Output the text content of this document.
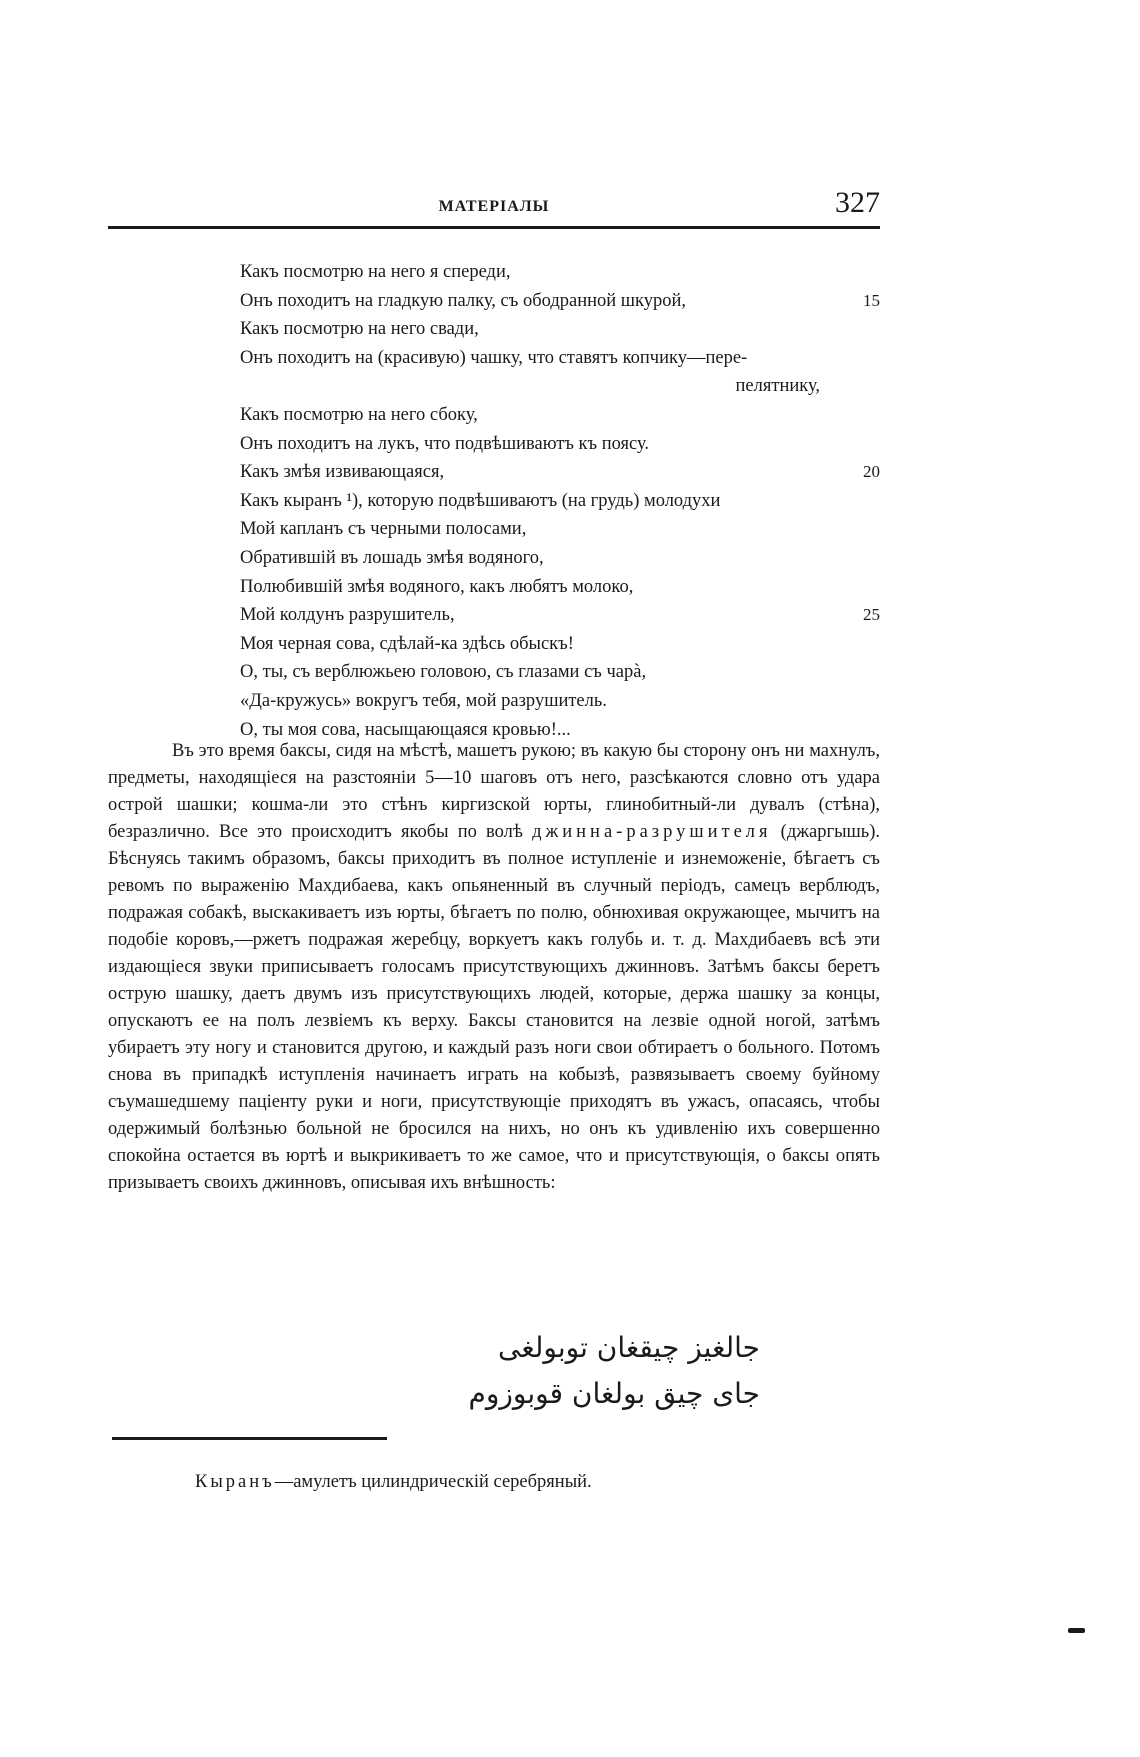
МАТЕРІАЛЫ	327
Какъ посмотрю на него я спереди,
Онъ походитъ на гладкую палку, съ ободранной шкурой,	15
Какъ посмотрю на него свади,
Онъ походитъ на (красивую) чашку, что ставятъ копчику—пере-
пелятнику,
Какъ посмотрю на него сбоку,
Онъ походитъ на лукъ, что подвѣшиваютъ къ поясу.
Какъ змѣя извивающаяся,	20
Какъ кыранъ ¹), которую подвѣшиваютъ (на грудь) молодухи
Мой капланъ съ черными полосами,
Обратившій въ лошадь змѣя водяного,
Полюбившій змѣя водяного, какъ любятъ молоко,
Мой колдунъ разрушитель,	25
Моя черная сова, сдѣлай-ка здѣсь обыскъ!
О, ты, съ верблюжьею головою, съ глазами съ чарà,
«Да-кружусь» вокругъ тебя, мой разрушитель.
О, ты моя сова, насыщающаяся кровью!...

Въ это время баксы, сидя на мѣстѣ, машетъ рукою; въ какую бы сторону онъ ни махнулъ, предметы, находящіеся на разстояніи 5—10 шаговъ отъ него, разсѣкаются словно отъ удара острой шашки; кошма-ли это стѣнъ киргизской юрты, глинобитный-ли дувалъ (стѣна), безразлично. Все это происходитъ якобы по волѣ джинна-разрушителя (джаргышь). Бѣснуясь такимъ образомъ, баксы приходитъ въ полное иступленіе и изнеможеніе, бѣгаетъ съ ревомъ по выраженію Махдибаева, какъ опьяненный въ случный періодъ, самецъ верблюдъ, подражая собакѣ, выскакиваетъ изъ юрты, бѣгаетъ по полю, обнюхивая окружающее, мычитъ на подобіе коровъ,—ржетъ подражая жеребцу, воркуетъ какъ голубь и. т. д. Махдибаевъ всѣ эти издающіеся звуки приписываетъ голосамъ присутствующихъ джинновъ. Затѣмъ баксы беретъ острую шашку, даетъ двумъ изъ присутствующихъ людей, которые, держа шашку за концы, опускаютъ ее на полъ лезвіемъ къ верху. Баксы становится на лезвіе одной ногой, затѣмъ убираетъ эту ногу и становится другою, и каждый разъ ноги свои обтираетъ о больного. Потомъ снова въ припадкѣ иступленія начинаетъ играть на кобызѣ, развязываетъ своему буйному съумашедшему паціенту руки и ноги, присутствующіе приходятъ въ ужасъ, опасаясь, чтобы одержимый болѣзнью больной не бросился на нихъ, но онъ къ удивленію ихъ совершенно спокойна остается въ юртѣ и выкрикиваетъ то же самое, что и присутствующія, о баксы опять призываетъ своихъ джинновъ, описывая ихъ внѣшность:

جالغيز چيقغان توبولغى
جاى چيق بولغان قوبوزوم
Кыранъ—амулетъ цилиндрическій серебряный.
